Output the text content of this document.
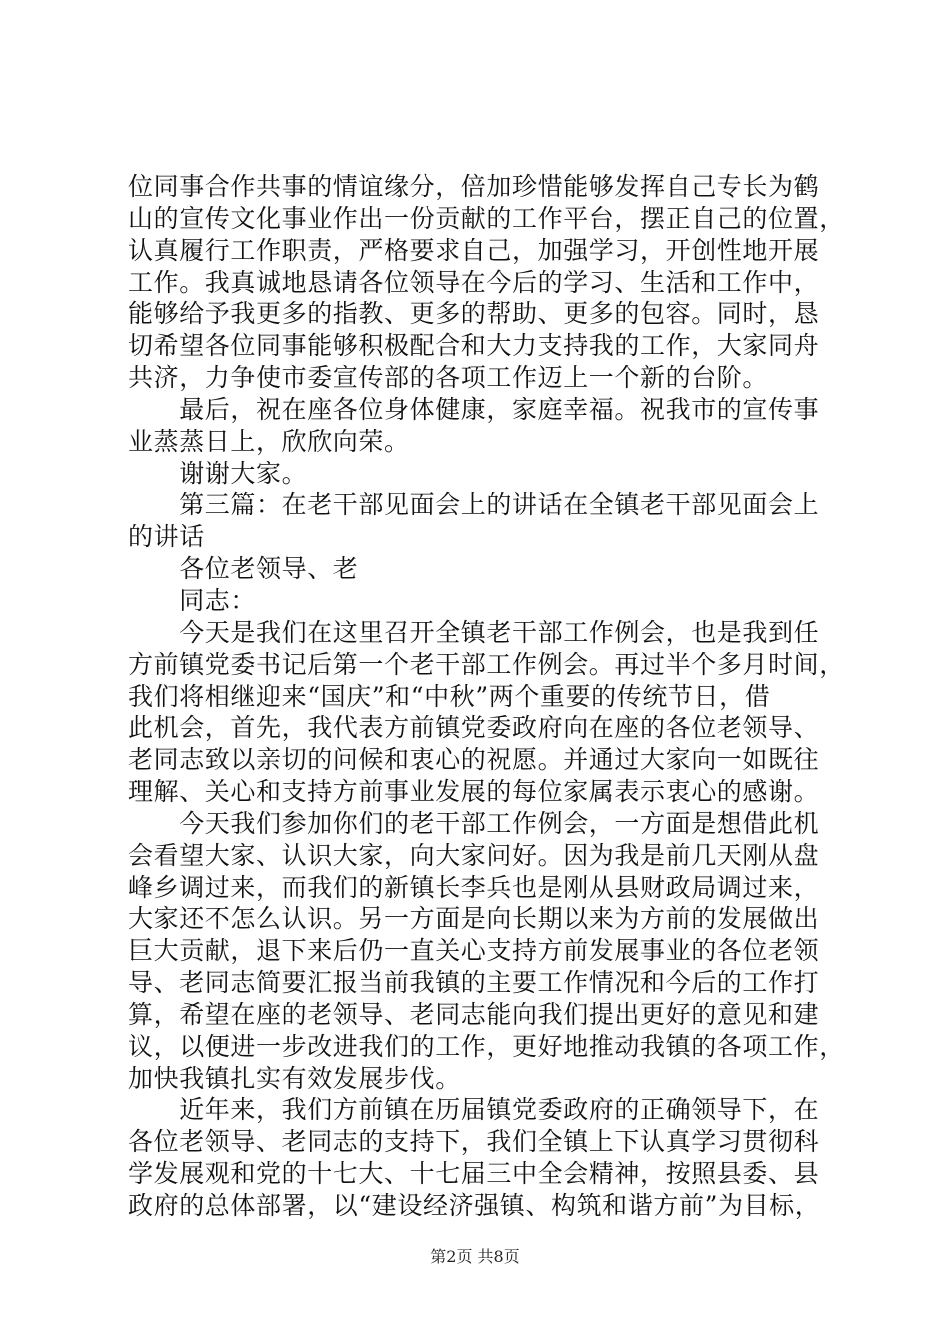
位同事合作共事的情谊缘分，倍加珍惜能够发挥自己专长为鹤
山的宣传文化事业作出一份贡献的工作平台，摆正自己的位置，
认真履行工作职责，严格要求自己，加强学习，开创性地开展
工作。我真诚地恳请各位领导在今后的学习、生活和工作中，
能够给予我更多的指教、更多的帮助、更多的包容。同时，恳
切希望各位同事能够积极配合和大力支持我的工作，大家同舟
共济，力争使市委宣传部的各项工作迈上一个新的台阶。
　　最后，祝在座各位身体健康，家庭幸福。祝我市的宣传事
业蒸蒸日上，欣欣向荣。
　　谢谢大家。
　　第三篇：在老干部见面会上的讲话在全镇老干部见面会上
的讲话
　　各位老领导、老
　　同志：
　　今天是我们在这里召开全镇老干部工作例会，也是我到任
方前镇党委书记后第一个老干部工作例会。再过半个多月时间，
我们将相继迎来“国庆”和“中秋”两个重要的传统节日，借
此机会，首先，我代表方前镇党委政府向在座的各位老领导、
老同志致以亲切的问候和衷心的祝愿。并通过大家向一如既往
理解、关心和支持方前事业发展的每位家属表示衷心的感谢。
　　今天我们参加你们的老干部工作例会，一方面是想借此机
会看望大家、认识大家，向大家问好。因为我是前几天刚从盘
峰乡调过来，而我们的新镇长李兵也是刚从县财政局调过来，
大家还不怎么认识。另一方面是向长期以来为方前的发展做出
巨大贡献，退下来后仍一直关心支持方前发展事业的各位老领
导、老同志简要汇报当前我镇的主要工作情况和今后的工作打
算，希望在座的老领导、老同志能向我们提出更好的意见和建
议，以便进一步改进我们的工作，更好地推动我镇的各项工作，
加快我镇扎实有效发展步伐。
　　近年来，我们方前镇在历届镇党委政府的正确领导下，在
各位老领导、老同志的支持下，我们全镇上下认真学习贯彻科
学发展观和党的十七大、十七届三中全会精神，按照县委、县
政府的总体部署，以“建设经济强镇、构筑和谐方前”为目标，
第2页 共8页
